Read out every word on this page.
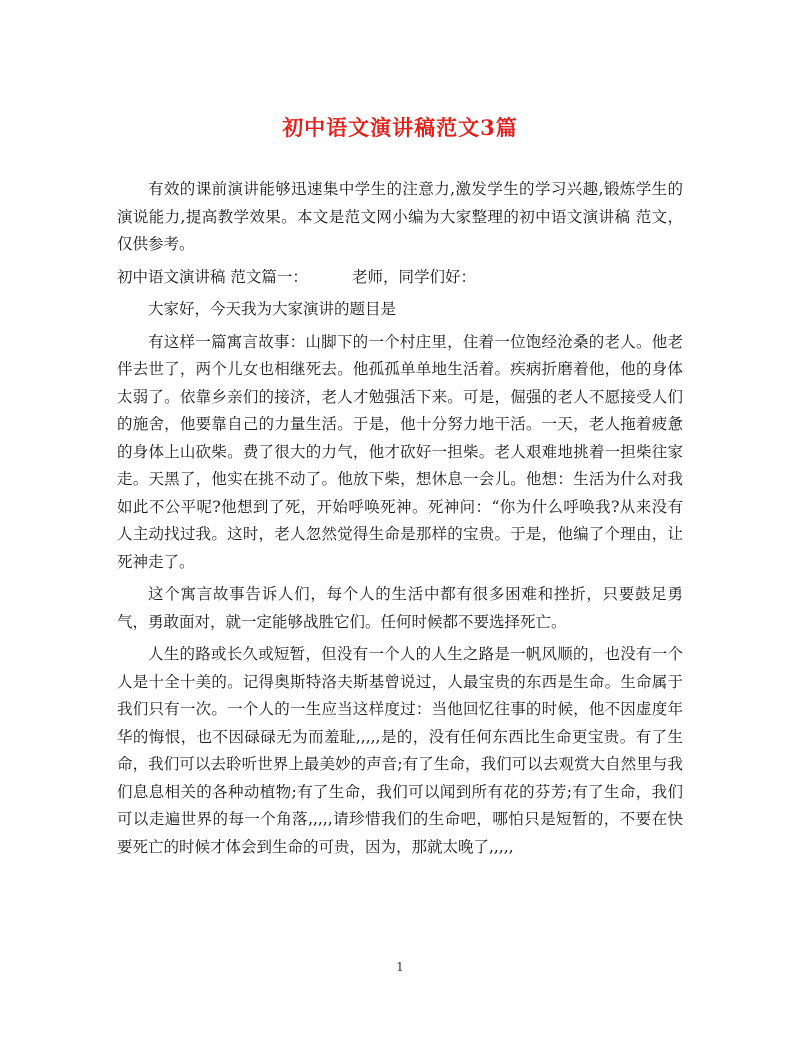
初中语文演讲稿范文3篇

有效的课前演讲能够迅速集中学生的注意力,激发学生的学习兴趣,锻炼学生的演说能力,提高教学效果。本文是范文网小编为大家整理的初中语文演讲稿 范文，仅供参考。

初中语文演讲稿 范文篇一：	老师，同学们好：

大家好，今天我为大家演讲的题目是

有这样一篇寓言故事：山脚下的一个村庄里，住着一位饱经沧桑的老人。他老伴去世了，两个儿女也相继死去。他孤孤单单地生活着。疾病折磨着他，他的身体太弱了。依靠乡亲们的接济，老人才勉强活下来。可是，倔强的老人不愿接受人们的施舍，他要靠自己的力量生活。于是，他十分努力地干活。一天，老人拖着疲惫的身体上山砍柴。费了很大的力气，他才砍好一担柴。老人艰难地挑着一担柴往家走。天黑了，他实在挑不动了。他放下柴，想休息一会儿。他想：生活为什么对我如此不公平呢?他想到了死，开始呼唤死神。死神问：“你为什么呼唤我?从来没有人主动找过我。这时，老人忽然觉得生命是那样的宝贵。于是，他编了个理由，让死神走了。

这个寓言故事告诉人们，每个人的生活中都有很多困难和挫折，只要鼓足勇气，勇敢面对，就一定能够战胜它们。任何时候都不要选择死亡。

人生的路或长久或短暂，但没有一个人的人生之路是一帆风顺的，也没有一个人是十全十美的。记得奥斯特洛夫斯基曾说过，人最宝贵的东西是生命。生命属于我们只有一次。一个人的一生应当这样度过：当他回忆往事的时候，他不因虚度年华的悔恨，也不因碌碌无为而羞耻,,,,,是的，没有任何东西比生命更宝贵。有了生命，我们可以去聆听世界上最美妙的声音;有了生命，我们可以去观赏大自然里与我们息息相关的各种动植物;有了生命，我们可以闻到所有花的芬芳;有了生命，我们可以走遍世界的每一个角落,,,,,请珍惜我们的生命吧，哪怕只是短暂的，不要在快要死亡的时候才体会到生命的可贵，因为，那就太晚了,,,,,

1
